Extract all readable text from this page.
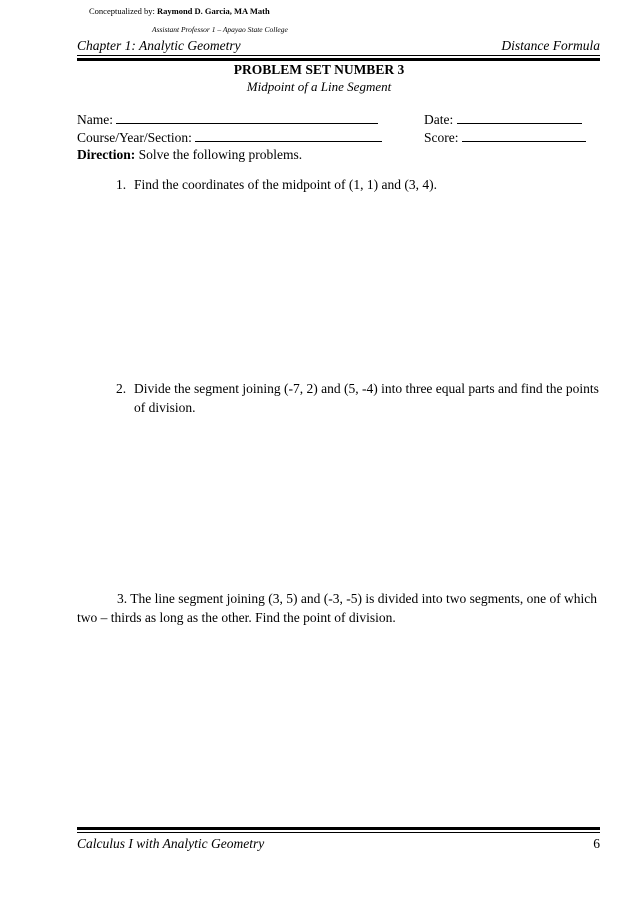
Conceptualized by: Raymond D. Garcia, MA Math
Assistant Professor 1 – Apayao State College
Chapter 1: Analytic Geometry	Distance Formula
PROBLEM SET NUMBER 3
Midpoint of a Line Segment
Name:
Course/Year/Section:
Date:
Score:
Direction: Solve the following problems.
1. Find the coordinates of the midpoint of (1, 1) and (3, 4).
2. Divide the segment joining (-7, 2) and (5, -4) into three equal parts and find the points of division.
3. The line segment joining (3, 5) and (-3, -5) is divided into two segments, one of which two – thirds as long as the other. Find the point of division.
Calculus I with Analytic Geometry	6
